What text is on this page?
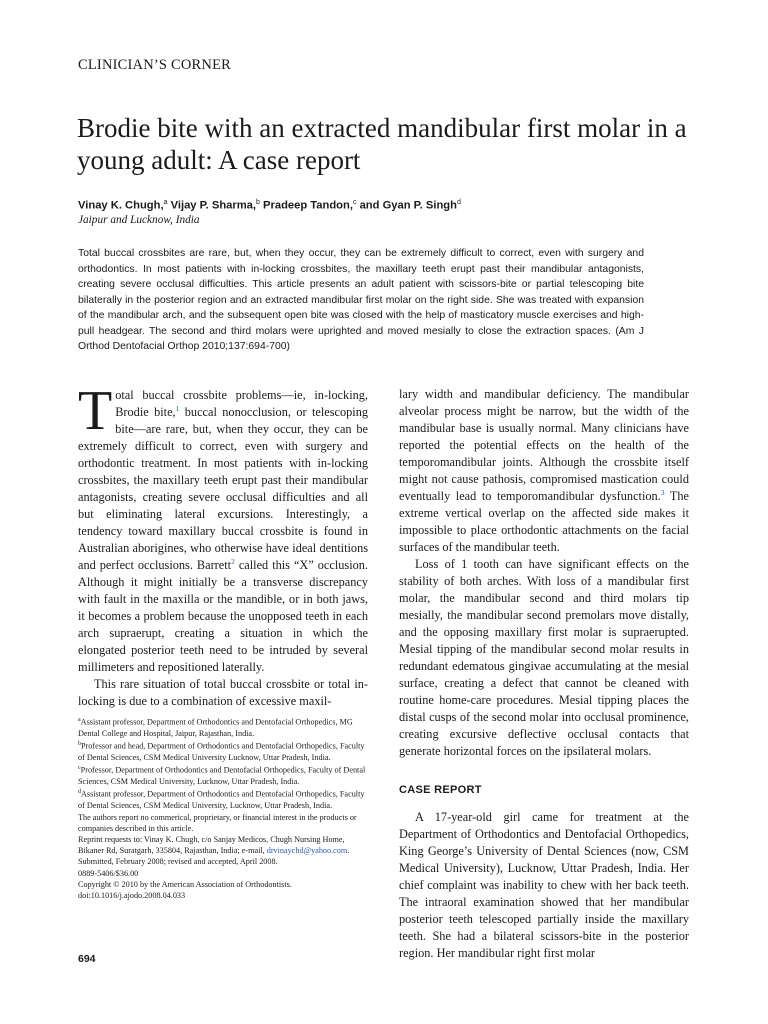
CLINICIAN’S CORNER
Brodie bite with an extracted mandibular first molar in a young adult: A case report
Vinay K. Chugh,$^a$ Vijay P. Sharma,$^b$ Pradeep Tandon,$^c$ and Gyan P. Singh$^d$
Jaipur and Lucknow, India

Total buccal crossbites are rare, but, when they occur, they can be extremely difficult to correct, even with surgery and orthodontics. In most patients with in-locking crossbites, the maxillary teeth erupt past their mandibular antagonists, creating severe occlusal difficulties. This article presents an adult patient with scissors-bite or partial telescoping bite bilaterally in the posterior region and an extracted mandibular first molar on the right side. She was treated with expansion of the mandibular arch, and the subsequent open bite was closed with the help of masticatory muscle exercises and high-pull headgear. The second and third molars were uprighted and moved mesially to close the extraction spaces. (Am J Orthod Dentofacial Orthop 2010;137:694-700)

Total buccal crossbite problems—ie, in-locking, Brodie bite,$^1$ buccal nonocclusion, or telescoping bite—are rare, but, when they occur, they can be extremely difficult to correct, even with surgery and orthodontic treatment. In most patients with in-locking crossbites, the maxillary teeth erupt past their mandibular antagonists, creating severe occlusal difficulties and all but eliminating lateral excursions. Interestingly, a tendency toward maxillary buccal crossbite is found in Australian aborigines, who otherwise have ideal dentitions and perfect occlusions. Barrett$^2$ called this “X” occlusion. Although it might initially be a transverse discrepancy with fault in the maxilla or the mandible, or in both jaws, it becomes a problem because the unopposed teeth in each arch supraerupt, creating a situation in which the elongated posterior teeth need to be intruded by several millimeters and repositioned laterally.

This rare situation of total buccal crossbite or total in-locking is due to a combination of excessive maxil-

lary width and mandibular deficiency. The mandibular alveolar process might be narrow, but the width of the mandibular base is usually normal. Many clinicians have reported the potential effects on the health of the temporomandibular joints. Although the crossbite itself might not cause pathosis, compromised mastication could eventually lead to temporomandibular dysfunction.$^3$ The extreme vertical overlap on the affected side makes it impossible to place orthodontic attachments on the facial surfaces of the mandibular teeth.

Loss of 1 tooth can have significant effects on the stability of both arches. With loss of a mandibular first molar, the mandibular second and third molars tip mesially, the mandibular second premolars move distally, and the opposing maxillary first molar is supraerupted. Mesial tipping of the mandibular second molar results in redundant edematous gingivae accumulating at the mesial surface, creating a defect that cannot be cleaned with routine home-care procedures. Mesial tipping places the distal cusps of the second molar into occlusal prominence, creating excursive deflective occlusal contacts that generate horizontal forces on the ipsilateral molars.

CASE REPORT

A 17-year-old girl came for treatment at the Department of Orthodontics and Dentofacial Orthopedics, King George’s University of Dental Sciences (now, CSM Medical University), Lucknow, Uttar Pradesh, India. Her chief complaint was inability to chew with her back teeth. The intraoral examination showed that her mandibular posterior teeth telescoped partially inside the maxillary teeth. She had a bilateral scissors-bite in the posterior region. Her mandibular right first molar

$^a$Assistant professor, Department of Orthodontics and Dentofacial Orthopedics, MG Dental College and Hospital, Jaipur, Rajasthan, India.

$^b$Professor and head, Department of Orthodontics and Dentofacial Orthopedics, Faculty of Dental Sciences, CSM Medical University Lucknow, Uttar Pradesh, India.

$^c$Professor, Department of Orthodontics and Dentofacial Orthopedics, Faculty of Dental Sciences, CSM Medical University, Lucknow, Uttar Pradesh, India.

$^d$Assistant professor, Department of Orthodontics and Dentofacial Orthopedics, Faculty of Dental Sciences, CSM Medical University, Lucknow, Uttar Pradesh, India.

The authors report no commerical, proprietary, or financial interest in the products or companies described in this article.

Reprint requests to: Vinay K. Chugh, c/o Sanjay Medicos, Chugh Nursing Home, Bikaner Rd, Suratgarh, 335804, Rajasthan, India; e-mail, drvinaychd@yahoo.com.

Submitted, February 2008; revised and accepted, April 2008.

0889-5406/$36.00

Copyright © 2010 by the American Association of Orthodontists.

doi:10.1016/j.ajodo.2008.04.033

694
